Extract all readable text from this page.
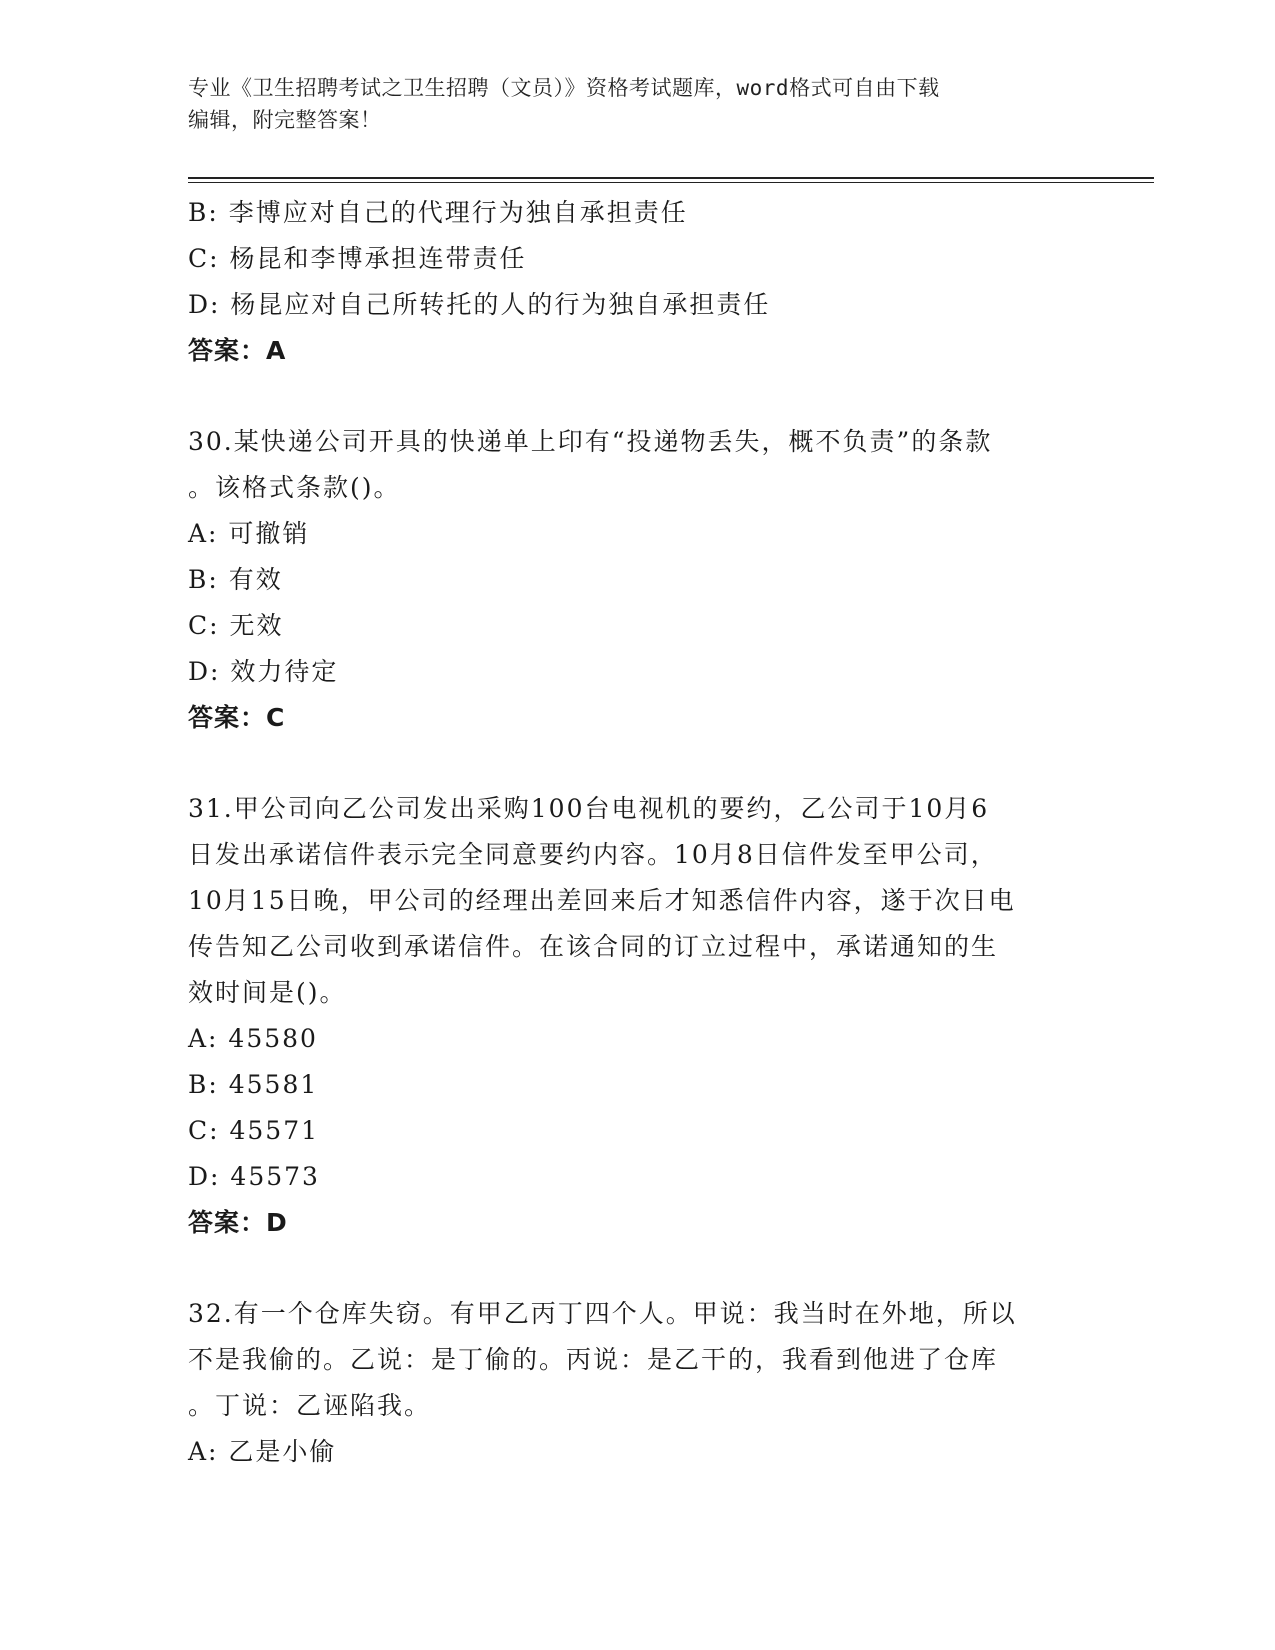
专业《卫生招聘考试之卫生招聘（文员）》资格考试题库，word格式可自由下载
编辑，附完整答案！
B: 李博应对自己的代理行为独自承担责任
C: 杨昆和李博承担连带责任
D: 杨昆应对自己所转托的人的行为独自承担责任
答案：A
30.某快递公司开具的快递单上印有“投递物丢失，概不负责”的条款
。该格式条款()。
A: 可撤销
B: 有效
C: 无效
D: 效力待定
答案：C
31.甲公司向乙公司发出采购100台电视机的要约，乙公司于10月6
日发出承诺信件表示完全同意要约内容。10月8日信件发至甲公司，
10月15日晚，甲公司的经理出差回来后才知悉信件内容，遂于次日电
传告知乙公司收到承诺信件。在该合同的订立过程中，承诺通知的生
效时间是()。
A: 45580
B: 45581
C: 45571
D: 45573
答案：D
32.有一个仓库失窃。有甲乙丙丁四个人。甲说：我当时在外地，所以
不是我偷的。乙说：是丁偷的。丙说：是乙干的，我看到他进了仓库
。丁说：乙诬陷我。
A: 乙是小偷
